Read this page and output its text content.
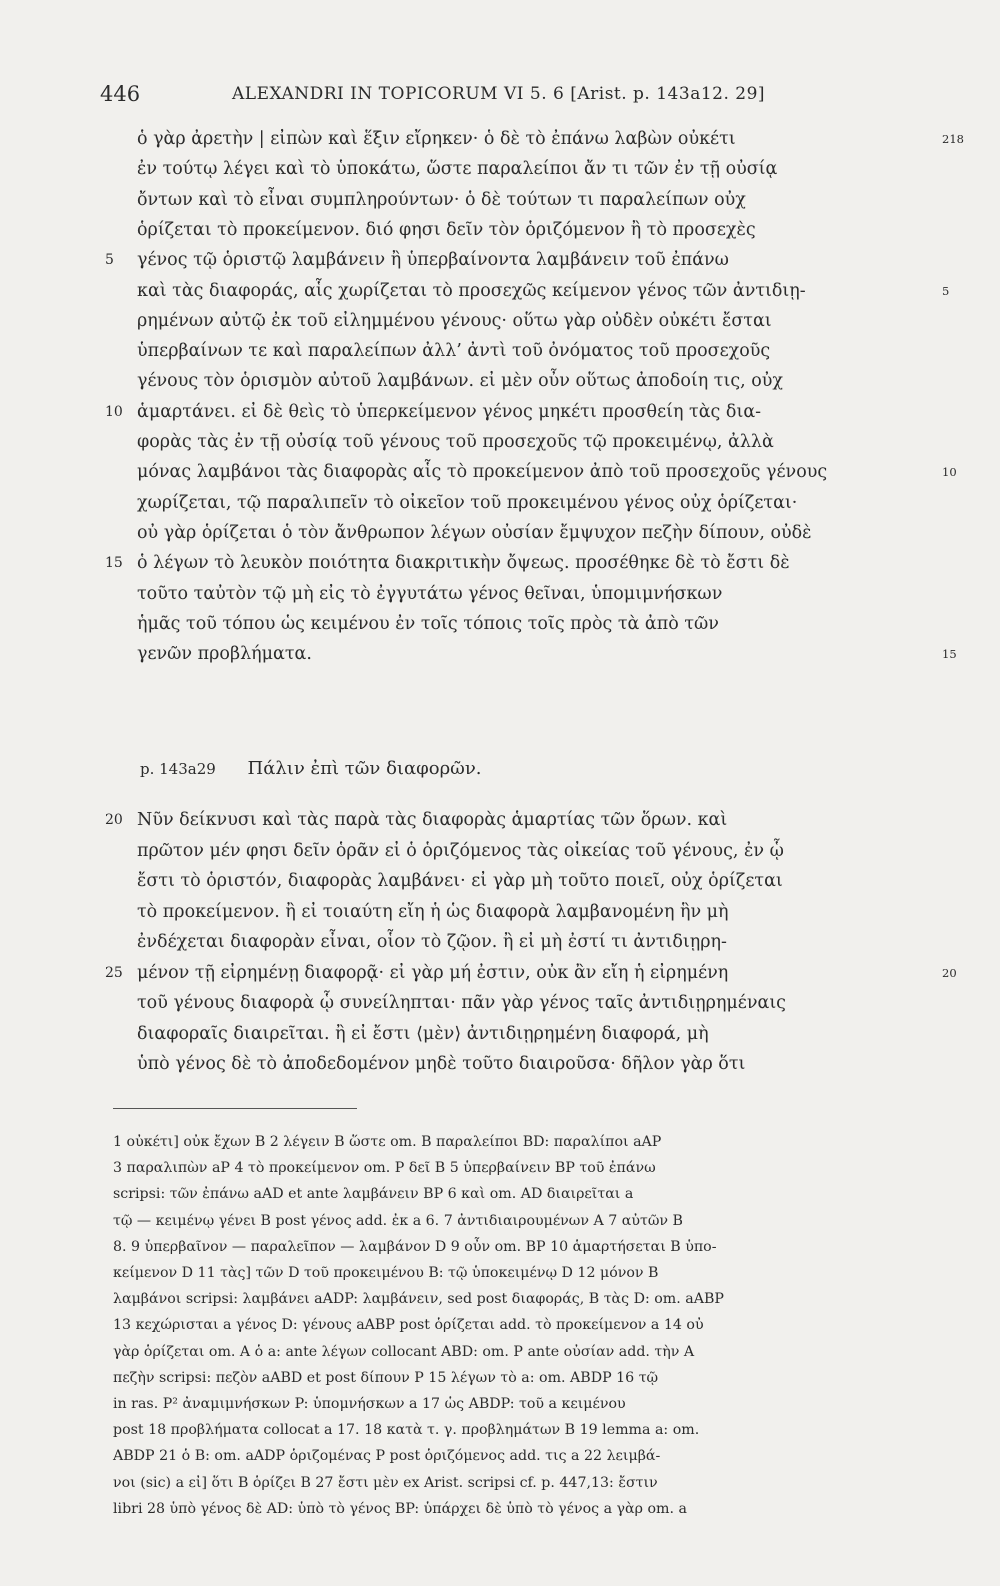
446	ALEXANDRI IN TOPICORUM VI 5. 6 [Arist. p. 143a12. 29]
ὁ γὰρ ἀρετὴν | εἰπὼν καὶ ἕξιν εἴρηκεν· ὁ δὲ τὸ ἐπάνω λαβὼν οὐκέτι	218
ἐν τούτῳ λέγει καὶ τὸ ὑποκάτω, ὥστε παραλείποι ἄν τι τῶν ἐν τῇ οὐσίᾳ
ὄντων καὶ τὸ εἶναι συμπληρούντων· ὁ δὲ τούτων τι παραλείπων οὐχ
ὁρίζεται τὸ προκείμενον. διό φησι δεῖν τὸν ὁριζόμενον ἢ τὸ προσεχὲς
γένος τῷ ὁριστῷ λαμβάνειν ἢ ὑπερβαίνοντα λαμβάνειν τοῦ ἐπάνω
5
καὶ τὰς διαφοράς, αἷς χωρίζεται τὸ προσεχῶς κείμενον γένος τῶν ἀντιδιῃ-	5
ρημένων αὐτῷ ἐκ τοῦ εἰλημμένου γένους· οὕτω γὰρ οὐδὲν οὐκέτι ἔσται
ὑπερβαίνων τε καὶ παραλείπων ἀλλ’ ἀντὶ τοῦ ὀνόματος τοῦ προσεχοῦς
γένους τὸν ὁρισμὸν αὐτοῦ λαμβάνων. εἰ μὲν οὖν οὕτως ἀποδοίη τις, οὐχ
ἁμαρτάνει. εἰ δὲ θεὶς τὸ ὑπερκείμενον γένος μηκέτι προσθείη τὰς δια-
10
φορὰς τὰς ἐν τῇ οὐσίᾳ τοῦ γένους τοῦ προσεχοῦς τῷ προκειμένῳ, ἀλλὰ
μόνας λαμβάνοι τὰς διαφορὰς αἷς τὸ προκείμενον ἀπὸ τοῦ προσεχοῦς γένους	10
χωρίζεται, τῷ παραλιπεῖν τὸ οἰκεῖον τοῦ προκειμένου γένος οὐχ ὁρίζεται·
οὐ γὰρ ὁρίζεται ὁ τὸν ἄνθρωπον λέγων οὐσίαν ἔμψυχον πεζὴν δίπουν, οὐδὲ
ὁ λέγων τὸ λευκὸν ποιότητα διακριτικὴν ὄψεως. προσέθηκε δὲ τὸ ἔστι δὲ
15
τοῦτο ταὐτὸν τῷ μὴ εἰς τὸ ἐγγυτάτω γένος θεῖναι, ὑπομιμνήσκων
ἡμᾶς τοῦ τόπου ὡς κειμένου ἐν τοῖς τόποις τοῖς πρὸς τὰ ἀπὸ τῶν
γενῶν προβλήματα.	15
p. 143a29 Πάλιν ἐπὶ τῶν διαφορῶν.
Νῦν δείκνυσι καὶ τὰς παρὰ τὰς διαφορὰς ἁμαρτίας τῶν ὅρων. καὶ
20
πρῶτον μέν φησι δεῖν ὁρᾶν εἰ ὁ ὁριζόμενος τὰς οἰκείας τοῦ γένους, ἐν ᾧ
ἔστι τὸ ὁριστόν, διαφορὰς λαμβάνει· εἰ γὰρ μὴ τοῦτο ποιεῖ, οὐχ ὁρίζεται
τὸ προκείμενον. ἢ εἰ τοιαύτη εἴη ἡ ὡς διαφορὰ λαμβανομένη ἣν μὴ
ἐνδέχεται διαφορὰν εἶναι, οἷον τὸ ζῷον. ἢ εἰ μὴ ἐστί τι ἀντιδιῃρη-
μένον τῇ εἰρημένῃ διαφορᾷ· εἰ γὰρ μή ἐστιν, οὐκ ἂν εἴη ἡ εἰρημένη
25	20
τοῦ γένους διαφορὰ ᾧ συνείληπται· πᾶν γὰρ γένος ταῖς ἀντιδιῃρημέναις
διαφοραῖς διαιρεῖται. ἢ εἰ ἔστι ⟨μὲν⟩ ἀντιδιῃρημένη διαφορά, μὴ
ὑπὸ γένος δὲ τὸ ἀποδεδομένον μηδὲ τοῦτο διαιροῦσα· δῆλον γὰρ ὅτι
1 οὐκέτι] οὐκ ἔχων B 2 λέγειν B ὥστε om. B παραλείποι BD: παραλίποι aAP
3 παραλιπὼν aP 4 τὸ προκείμενον om. P δεῖ B 5 ὑπερβαίνειν BP τοῦ ἐπάνω
scripsi: τῶν ἐπάνω aAD et ante λαμβάνειν BP 6 καὶ om. AD διαιρεῖται a
τῷ — κειμένῳ γένει B post γένος add. ἐκ a 6. 7 ἀντιδιαιρουμένων A 7 αὐτῶν B
8. 9 ὑπερβαῖνον — παραλεῖπον — λαμβάνον D 9 οὖν om. BP 10 ἁμαρτήσεται B ὑπο-
κείμενον D 11 τὰς] τῶν D τοῦ προκειμένου B: τῷ ὑποκειμένῳ D 12 μόνον B
λαμβάνοι scripsi: λαμβάνει aADP: λαμβάνειν, sed post διαφοράς, B τὰς D: om. aABP
13 κεχώρισται a γένος D: γένους aABP post ὁρίζεται add. τὸ προκείμενον a 14 οὐ
γὰρ ὁρίζεται om. A ὁ a: ante λέγων collocant ABD: om. P ante οὐσίαν add. τὴν A
πεζὴν scripsi: πεζὸν aABD et post δίπουν P 15 λέγων τὸ a: om. ABDP 16 τῷ
in ras. P² ἀναμιμνήσκων P: ὑπομνήσκων a 17 ὡς ABDP: τοῦ a κειμένου
post 18 προβλήματα collocat a 17. 18 κατὰ τ. γ. προβλημάτων B 19 lemma a: om.
ABDP 21 ὁ B: om. aADP ὁριζομένας P post ὁριζόμενος add. τις a 22 λειμβά-
νοι (sic) a εἰ] ὅτι B ὁρίζει B 27 ἔστι μὲν ex Arist. scripsi cf. p. 447,13: ἔστιν
libri 28 ὑπὸ γένος δὲ AD: ὑπὸ τὸ γένος BP: ὑπάρχει δὲ ὑπὸ τὸ γένος a γὰρ om. a
